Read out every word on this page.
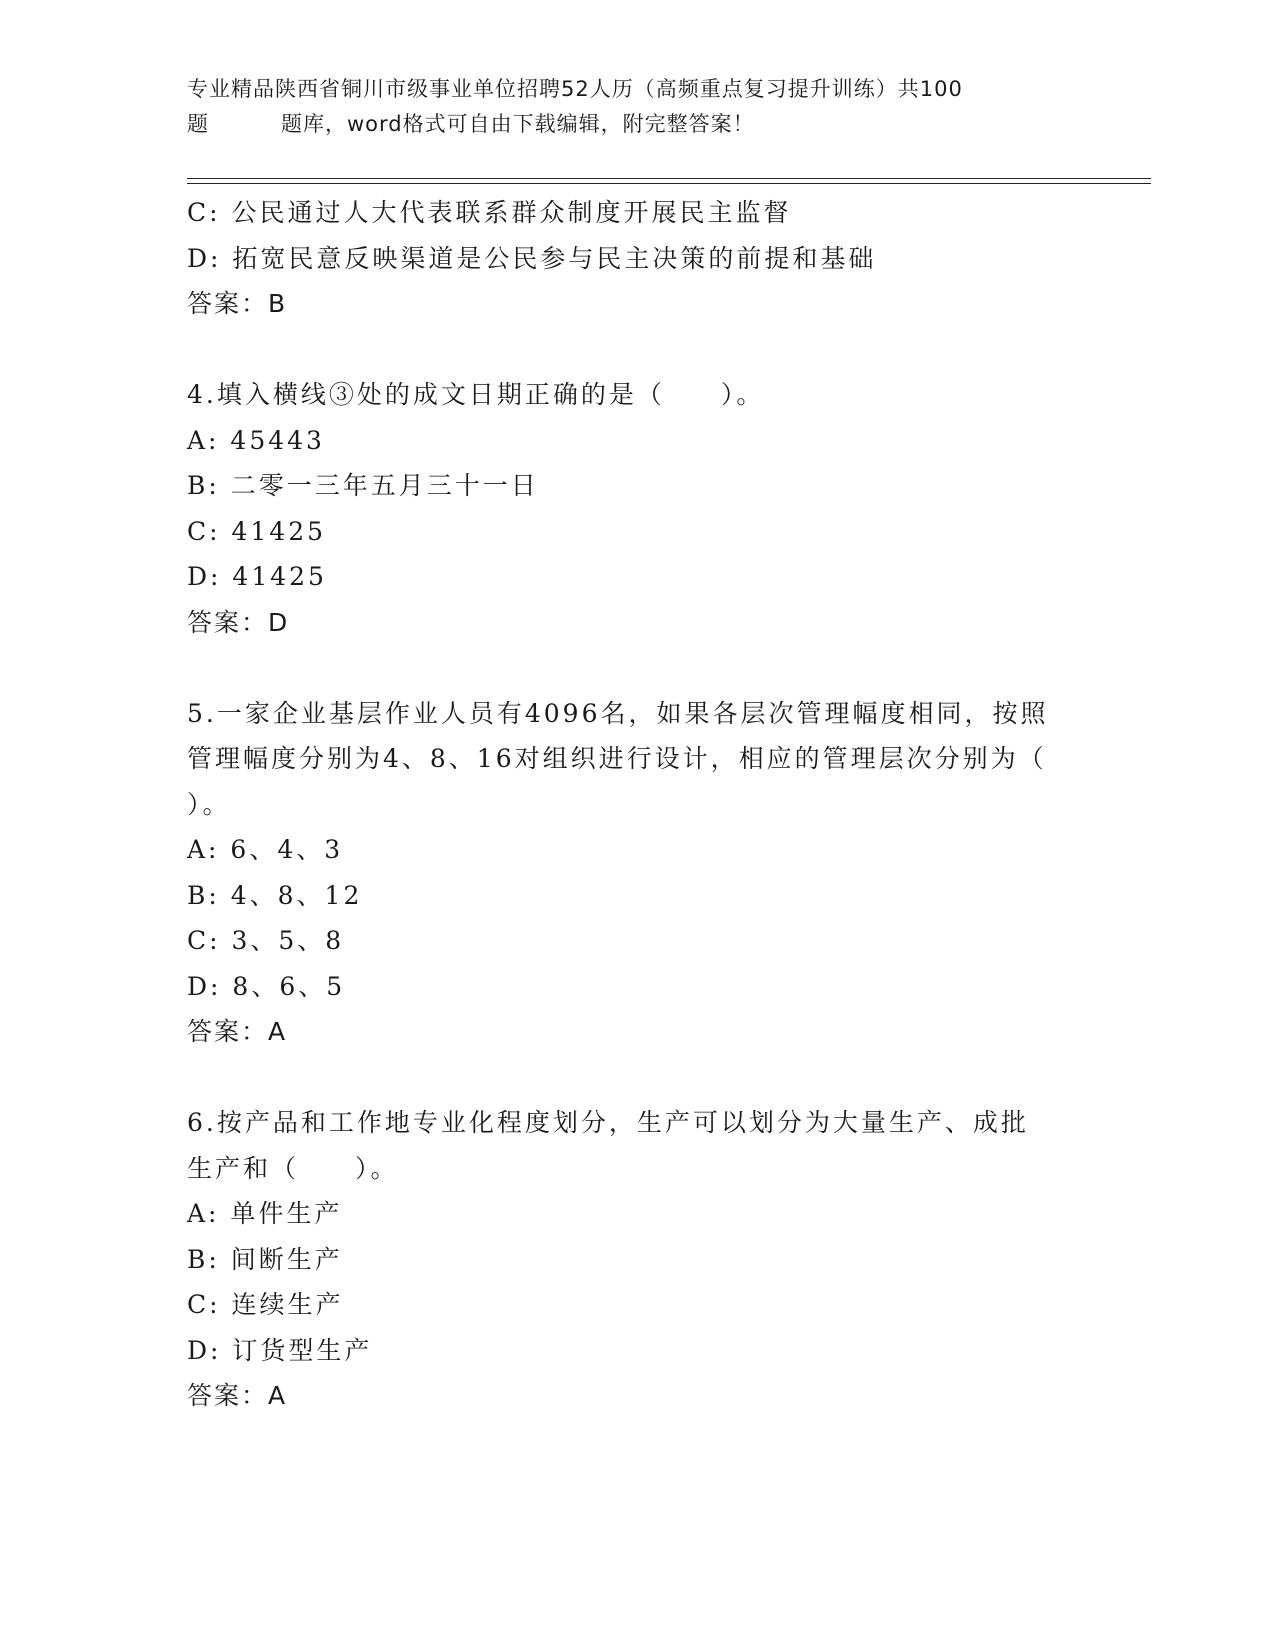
专业精品陕西省铜川市级事业单位招聘52人历（高频重点复习提升训练）共100
题	题库，word格式可自由下载编辑，附完整答案！
C: 公民通过人大代表联系群众制度开展民主监督
D: 拓宽民意反映渠道是公民参与民主决策的前提和基础
答案：B
4.填入横线③处的成文日期正确的是（　　）。
A: 45443
B: 二零一三年五月三十一日
C: 41425
D: 41425
答案：D
5.一家企业基层作业人员有4096名，如果各层次管理幅度相同，按照
管理幅度分别为4、8、16对组织进行设计，相应的管理层次分别为（
）。
A: 6、4、3
B: 4、8、12
C: 3、5、8
D: 8、6、5
答案：A
6.按产品和工作地专业化程度划分，生产可以划分为大量生产、成批
生产和（　　）。
A: 单件生产
B: 间断生产
C: 连续生产
D: 订货型生产
答案：A
